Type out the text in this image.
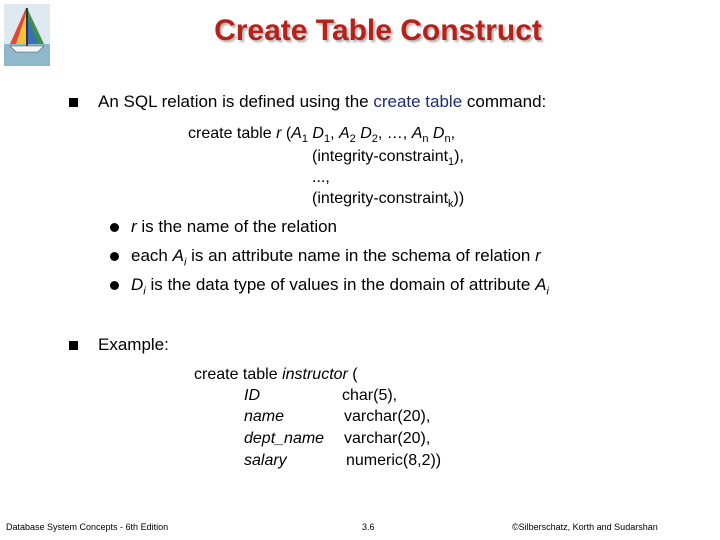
Create Table Construct
An SQL relation is defined using the create table command:
create table r ($A_1$ $D_1$, $A_2$ $D_2$, …, $A_n$ $D_n$,
(integrity-constraint$_1$),
...,
(integrity-constraint$_k$))
r is the name of the relation
each $A_i$ is an attribute name in the schema of relation r
$D_i$ is the data type of values in the domain of attribute $A_i$
Example:
create table instructor (
ID	char(5),
name	varchar(20),
dept_name varchar(20),
salary	numeric(8,2))
Database System Concepts - 6th Edition	3.6	©Silberschatz, Korth and Sudarshan
